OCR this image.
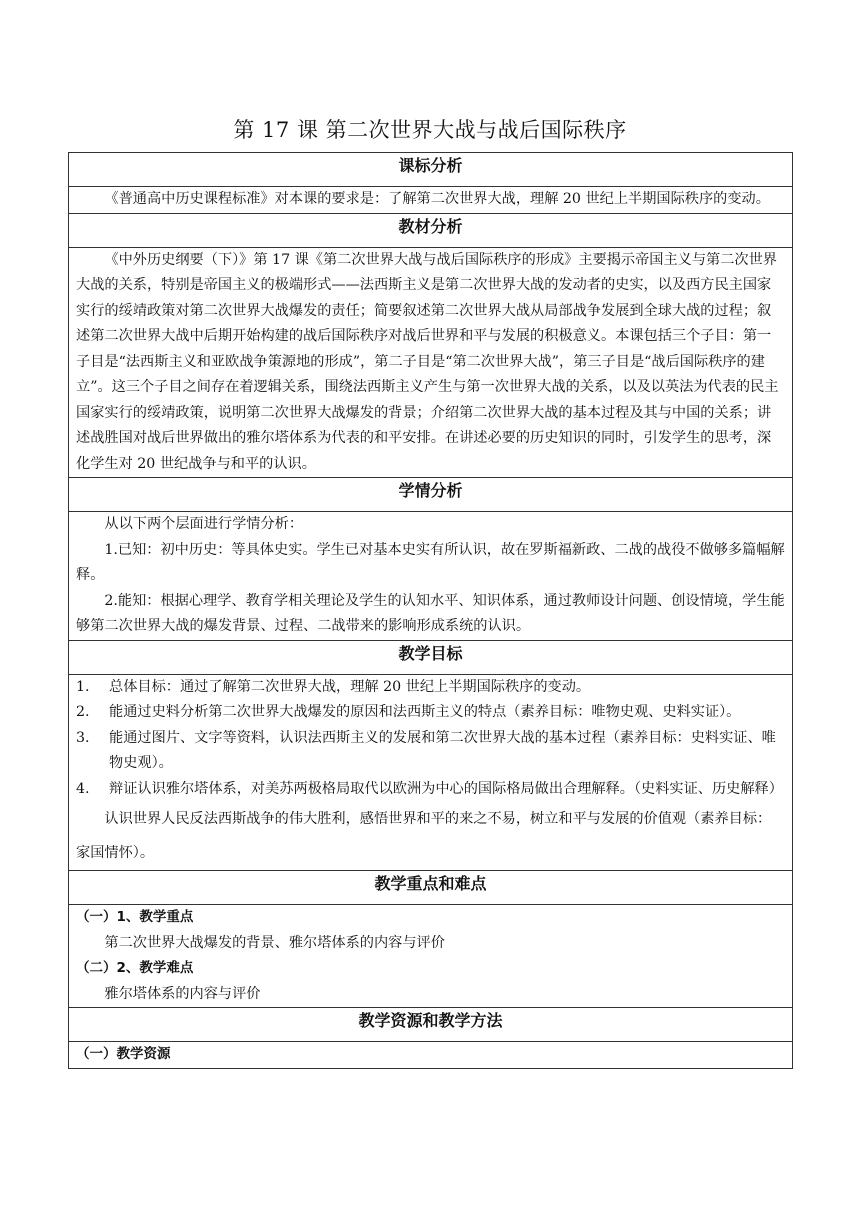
第 17 课 第二次世界大战与战后国际秩序
课标分析

《普通高中历史课程标准》对本课的要求是：了解第二次世界大战，理解 20 世纪上半期国际秩序的变动。

教材分析

《中外历史纲要（下）》第 17 课《第二次世界大战与战后国际秩序的形成》主要揭示帝国主义与第二次世界大战的关系，特别是帝国主义的极端形式——法西斯主义是第二次世界大战的发动者的史实，以及西方民主国家实行的绥靖政策对第二次世界大战爆发的责任；简要叙述第二次世界大战从局部战争发展到全球大战的过程；叙述第二次世界大战中后期开始构建的战后国际秩序对战后世界和平与发展的积极意义。本课包括三个子目：第一子目是“法西斯主义和亚欧战争策源地的形成”，第二子目是“第二次世界大战”，第三子目是“战后国际秩序的建立”。这三个子目之间存在着逻辑关系，围绕法西斯主义产生与第一次世界大战的关系，以及以英法为代表的民主国家实行的绥靖政策，说明第二次世界大战爆发的背景；介绍第二次世界大战的基本过程及其与中国的关系；讲述战胜国对战后世界做出的雅尔塔体系为代表的和平安排。在讲述必要的历史知识的同时，引发学生的思考，深化学生对 20 世纪战争与和平的认识。

学情分析

从以下两个层面进行学情分析：

1.已知：初中历史：等具体史实。学生已对基本史实有所认识，故在罗斯福新政、二战的战役不做够多篇幅解释。

2.能知：根据心理学、教育学相关理论及学生的认知水平、知识体系，通过教师设计问题、创设情境，学生能够第二次世界大战的爆发背景、过程、二战带来的影响形成系统的认识。

教学目标

1.	总体目标：通过了解第二次世界大战，理解 20 世纪上半期国际秩序的变动。
2.	能通过史料分析第二次世界大战爆发的原因和法西斯主义的特点（素养目标：唯物史观、史料实证）。
3.	能通过图片、文字等资料，认识法西斯主义的发展和第二次世界大战的基本过程（素养目标：史料实证、唯物史观）。
4.	辩证认识雅尔塔体系，对美苏两极格局取代以欧洲为中心的国际格局做出合理解释。（史料实证、历史解释）

认识世界人民反法西斯战争的伟大胜利，感悟世界和平的来之不易，树立和平与发展的价值观（素养目标：家国情怀）。

教学重点和难点

（一）1、教学重点

第二次世界大战爆发的背景、雅尔塔体系的内容与评价

（二）2、教学难点

雅尔塔体系的内容与评价

教学资源和教学方法

（一）教学资源
